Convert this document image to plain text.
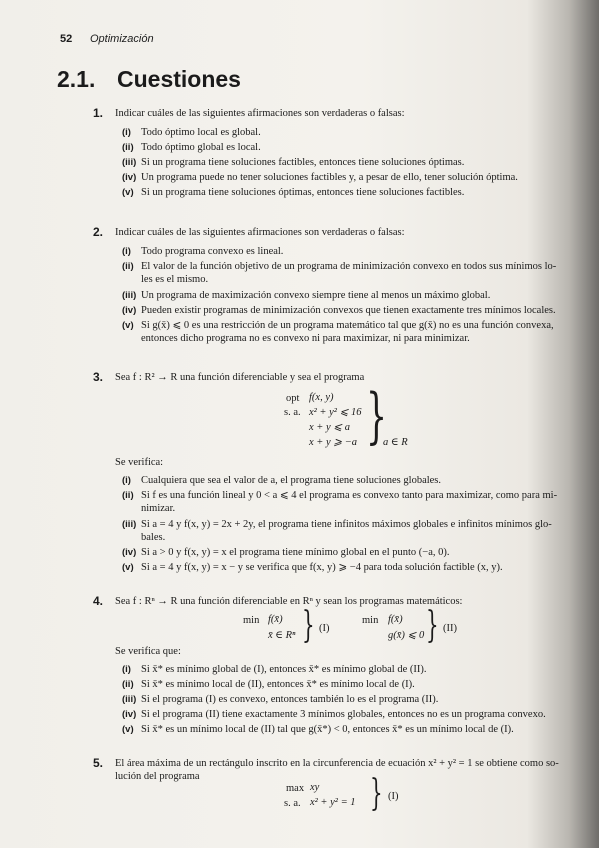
52 Optimización
2.1. Cuestiones
1. Indicar cuáles de las siguientes afirmaciones son verdaderas o falsas:
(i) Todo óptimo local es global.
(ii) Todo óptimo global es local.
(iii) Si un programa tiene soluciones factibles, entonces tiene soluciones óptimas.
(iv) Un programa puede no tener soluciones factibles y, a pesar de ello, tener solución óptima.
(v) Si un programa tiene soluciones óptimas, entonces tiene soluciones factibles.
2. Indicar cuáles de las siguientes afirmaciones son verdaderas o falsas:
(i) Todo programa convexo es lineal.
(ii) El valor de la función objetivo de un programa de minimización convexo en todos sus mínimos lo-
les es el mismo.
(iii) Un programa de maximización convexo siempre tiene al menos un máximo global.
(iv) Pueden existir programas de minimización convexos que tienen exactamente tres mínimos locales.
(v) Si g(x̄) ⩽ 0 es una restricción de un programa matemático tal que g(x̄) no es una función convexa,
entonces dicho programa no es convexo ni para maximizar, ni para minimizar.
3. Sea f : R² → R una función diferenciable y sea el programa
opt f(x, y)
s. a. x² + y² ⩽ 16
x + y ⩽ a
x + y ⩾ −a }
a ∈ R
Se verifica:
(i) Cualquiera que sea el valor de a, el programa tiene soluciones globales.
(ii) Si f es una función lineal y 0 < a ⩽ 4 el programa es convexo tanto para maximizar, como para mi-
nimizar.
(iii) Si a = 4 y f(x, y) = 2x + 2y, el programa tiene infinitos máximos globales e infinitos mínimos glo-
bales.
(iv) Si a > 0 y f(x, y) = x el programa tiene mínimo global en el punto (−a, 0).
(v) Si a = 4 y f(x, y) = x − y se verifica que f(x, y) ⩾ −4 para toda solución factible (x, y).
4. Sea f : Rⁿ → R una función diferenciable en Rⁿ y sean los programas matemáticos:
min f(x̄)
x̄ ∈ Rⁿ } (I)
min f(x̄)
g(x̄) ⩽ 0 } (II)
Se verifica que:
(i) Si x̄* es mínimo global de (I), entonces x̄* es mínimo global de (II).
(ii) Si x̄* es mínimo local de (II), entonces x̄* es mínimo local de (I).
(iii) Si el programa (I) es convexo, entonces también lo es el programa (II).
(iv) Si el programa (II) tiene exactamente 3 mínimos globales, entonces no es un programa convexo.
(v) Si x̄* es un mínimo local de (II) tal que g(x̄*) < 0, entonces x̄* es un mínimo local de (I).
5. El área máxima de un rectángulo inscrito en la circunferencia de ecuación x² + y² = 1 se obtiene como so-
lución del programa
max xy
s. a. x² + y² = 1 } (I)
